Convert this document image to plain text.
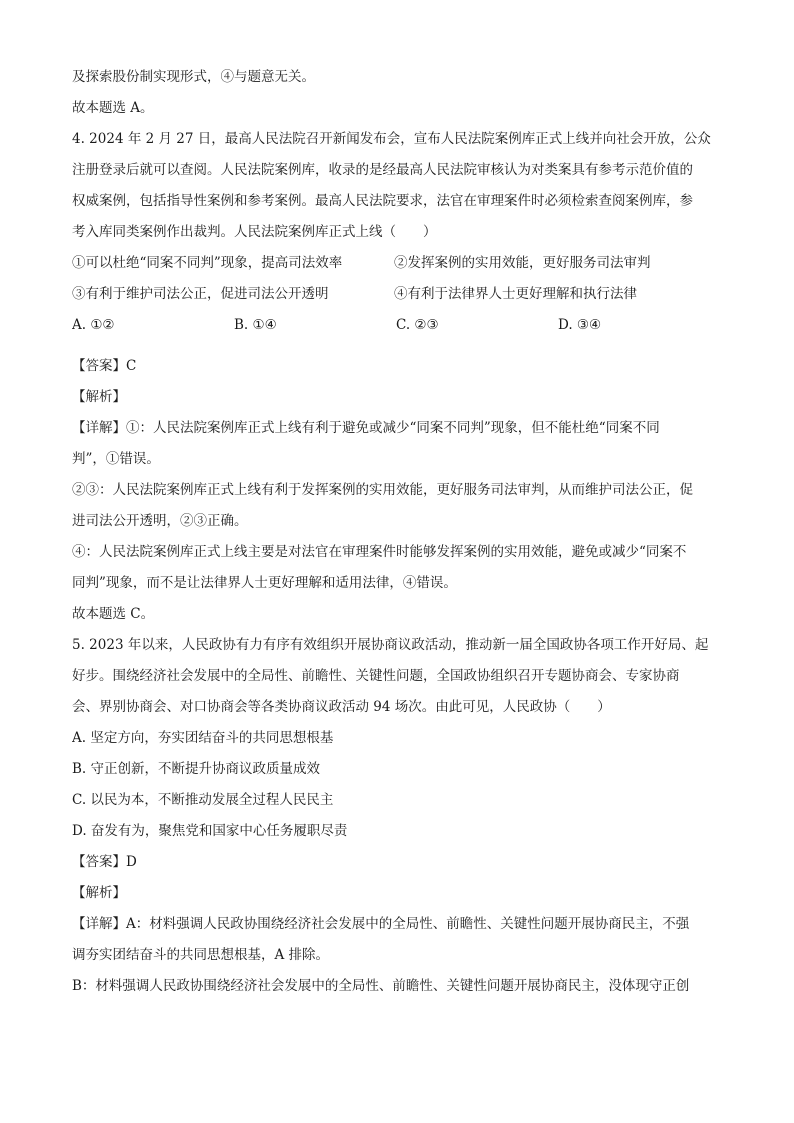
及探索股份制实现形式，④与题意无关。
故本题选 A。
4. 2024 年 2 月 27 日，最高人民法院召开新闻发布会，宣布人民法院案例库正式上线并向社会开放，公众
注册登录后就可以查阅。人民法院案例库，收录的是经最高人民法院审核认为对类案具有参考示范价值的
权威案例，包括指导性案例和参考案例。最高人民法院要求，法官在审理案件时必须检索查阅案例库，参
考入库同类案例作出裁判。人民法院案例库正式上线（　　）
①可以杜绝“同案不同判”现象，提高司法效率	②发挥案例的实用效能，更好服务司法审判
③有利于维护司法公正，促进司法公开透明	④有利于法律界人士更好理解和执行法律
A. ①②	B. ①④	C. ②③	D. ③④
【答案】C
【解析】
【详解】①：人民法院案例库正式上线有利于避免或减少“同案不同判”现象，但不能杜绝“同案不同
判”，①错误。
②③：人民法院案例库正式上线有利于发挥案例的实用效能，更好服务司法审判，从而维护司法公正，促
进司法公开透明，②③正确。
④：人民法院案例库正式上线主要是对法官在审理案件时能够发挥案例的实用效能，避免或减少“同案不
同判”现象，而不是让法律界人士更好理解和适用法律，④错误。
故本题选 C。
5. 2023 年以来，人民政协有力有序有效组织开展协商议政活动，推动新一届全国政协各项工作开好局、起
好步。围绕经济社会发展中的全局性、前瞻性、关键性问题，全国政协组织召开专题协商会、专家协商
会、界别协商会、对口协商会等各类协商议政活动 94 场次。由此可见，人民政协（　　）
A. 坚定方向，夯实团结奋斗的共同思想根基
B. 守正创新，不断提升协商议政质量成效
C. 以民为本，不断推动发展全过程人民民主
D. 奋发有为，聚焦党和国家中心任务履职尽责
【答案】D
【解析】
【详解】A：材料强调人民政协围绕经济社会发展中的全局性、前瞻性、关键性问题开展协商民主，不强
调夯实团结奋斗的共同思想根基，A 排除。
B：材料强调人民政协围绕经济社会发展中的全局性、前瞻性、关键性问题开展协商民主，没体现守正创
